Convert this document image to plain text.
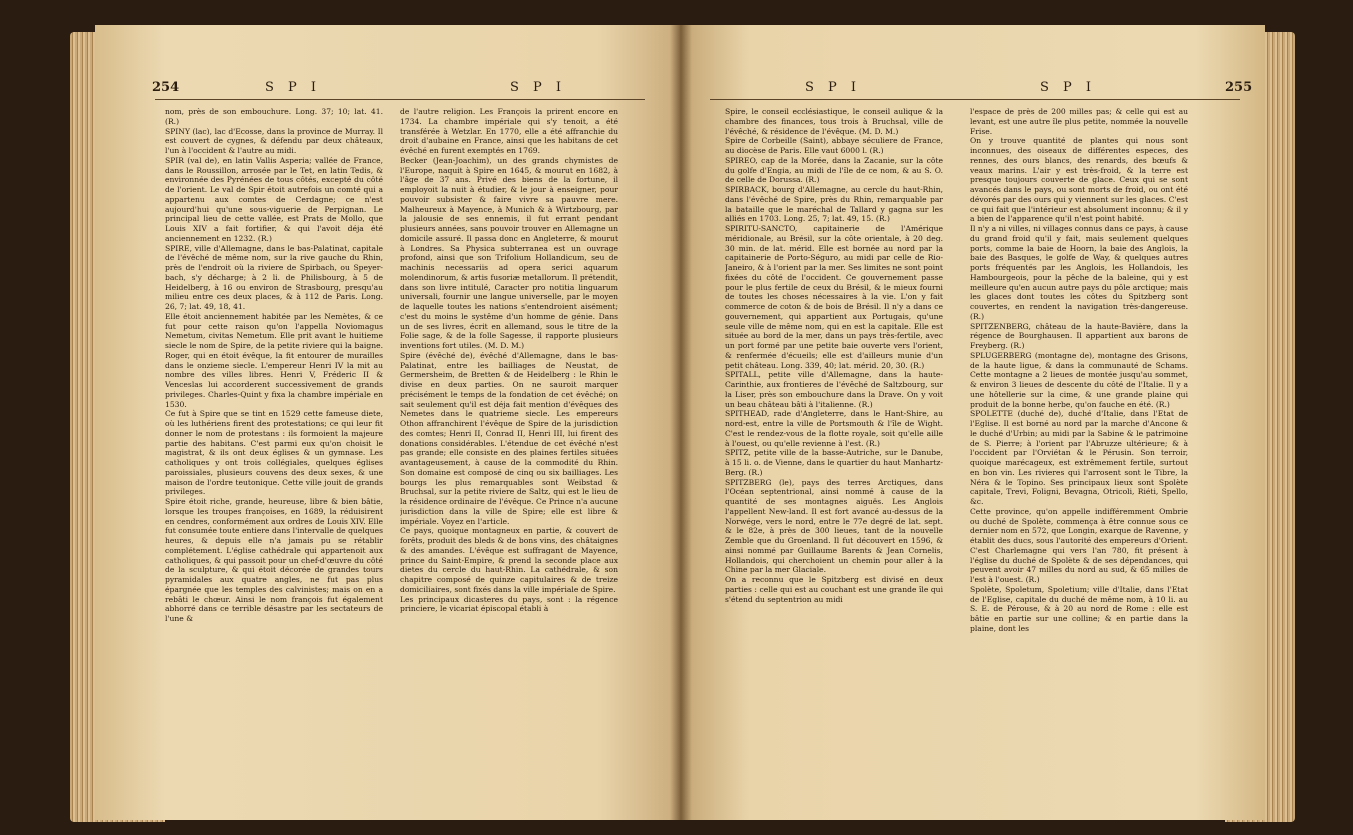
254	S P I	S P I

nom, près de son embouchure. Long. 37; 10; lat. 41. (R.)

SPINY (lac), lac d'Ecosse, dans la province de Murray. Il est couvert de cygnes, & défendu par deux châteaux, l'un à l'occident & l'autre au midi.

SPIR (val de), en latin Vallis Asperia; vallée de France, dans le Roussillon, arrosée par le Tet, en latin Tedis, & environnée des Pyrénées de tous côtés, excepté du côté de l'orient. Le val de Spir étoit autrefois un comté qui a appartenu aux comtes de Cerdagne; ce n'est aujourd'hui qu'une sous-viguerie de Perpignan. Le principal lieu de cette vallée, est Prats de Mollo, que Louis XIV a fait fortifier, & qui l'avoit déja été anciennement en 1232. (R.)

SPIRE, ville d'Allemagne, dans le bas-Palatinat, capitale de l'évêché de même nom, sur la rive gauche du Rhin, près de l'endroit où la riviere de Spirbach, ou Speyer-bach, s'y décharge; à 2 li. de Philisbourg, à 5 de Heidelberg, à 16 ou environ de Strasbourg, presqu'au milieu entre ces deux places, & à 112 de Paris. Long. 26, 7; lat. 49, 18, 41.

Elle étoit anciennement habitée par les Nemètes, & ce fut pour cette raison qu'on l'appella Noviomagus Nemetum, civitas Nemetum. Elle prit avant le huitieme siecle le nom de Spire, de la petite riviere qui la baigne. Roger, qui en étoit évêque, la fit entourer de murailles dans le onzieme siecle. L'empereur Henri IV la mit au nombre des villes libres. Henri V, Fréderic II & Venceslas lui accorderent successivement de grands privileges. Charles-Quint y fixa la chambre impériale en 1530.

Ce fut à Spire que se tint en 1529 cette fameuse diete, où les luthériens firent des protestations; ce qui leur fit donner le nom de protestans : ils formoient la majeure partie des habitans. C'est parmi eux qu'on choisit le magistrat, & ils ont deux églises & un gymnase. Les catholiques y ont trois collégiales, quelques églises paroissiales, plusieurs couvens des deux sexes, & une maison de l'ordre teutonique. Cette ville jouit de grands privileges.

Spire étoit riche, grande, heureuse, libre & bien bâtie, lorsque les troupes françoises, en 1689, la réduisirent en cendres, conformément aux ordres de Louis XIV. Elle fut consumée toute entiere dans l'intervalle de quelques heures, & depuis elle n'a jamais pu se rétablir complétement. L'église cathédrale qui appartenoit aux catholiques, & qui passoit pour un chef-d'œuvre du côté de la sculpture, & qui étoit décorée de grandes tours pyramidales aux quatre angles, ne fut pas plus épargnée que les temples des calvinistes; mais on en a rebâti le chœur. Ainsi le nom françois fut également abhorré dans ce terrible désastre par les sectateurs de l'une &

de l'autre religion. Les François la prirent encore en 1734. La chambre impériale qui s'y tenoit, a été transférée à Wetzlar. En 1770, elle a été affranchie du droit d'aubaine en France, ainsi que les habitans de cet évêché en furent exemptés en 1769.

Becker (Jean-Joachim), un des grands chymistes de l'Europe, naquit à Spire en 1645, & mourut en 1682, à l'âge de 37 ans. Privé des biens de la fortune, il employoit la nuit à étudier, & le jour à enseigner, pour pouvoir subsister & faire vivre sa pauvre mere. Malheureux à Mayence, à Munich & à Wirtzbourg, par la jalousie de ses ennemis, il fut errant pendant plusieurs années, sans pouvoir trouver en Allemagne un domicile assuré. Il passa donc en Angleterre, & mourut à Londres. Sa Physica subterranea est un ouvrage profond, ainsi que son Trifolium Hollandicum, seu de machinis necessariis ad opera serici aquarum molendinorum, & artis fusoriæ metallorum. Il prétendit, dans son livre intitulé, Caracter pro notitia linguarum universali, fournir une langue universelle, par le moyen de laquelle toutes les nations s'entendroient aisément; c'est du moins le systême d'un homme de génie. Dans un de ses livres, écrit en allemand, sous le titre de la Folie sage, & de la folle Sagesse, il rapporte plusieurs inventions fort utiles. (M. D. M.)

Spire (évêché de), évêché d'Allemagne, dans le bas-Palatinat, entre les bailliages de Neustat, de Germersheim, de Bretten & de Heidelberg : le Rhin le divise en deux parties. On ne sauroit marquer précisément le temps de la fondation de cet évêché; on sait seulement qu'il est déja fait mention d'évêques des Nemetes dans le quatrieme siecle. Les empereurs Othon affranchirent l'évêque de Spire de la jurisdiction des comtes; Henri II, Conrad II, Henri III, lui firent des donations considérables. L'étendue de cet évêché n'est pas grande; elle consiste en des plaines fertiles situées avantageusement, à cause de la commodité du Rhin. Son domaine est composé de cinq ou six bailliages. Les bourgs les plus remarquables sont Weibstad & Bruchsal, sur la petite riviere de Saltz, qui est le lieu de la résidence ordinaire de l'évêque. Ce Prince n'a aucune jurisdiction dans la ville de Spire; elle est libre & impériale. Voyez en l'article.

Ce pays, quoique montagneux en partie, & couvert de forêts, produit des bleds & de bons vins, des châtaignes & des amandes. L'évêque est suffragant de Mayence, prince du Saint-Empire, & prend la seconde place aux dietes du cercle du haut-Rhin. La cathédrale, & son chapitre composé de quinze capitulaires & de treize domiciliaires, sont fixés dans la ville impériale de Spire.

Les principaux dicasteres du pays, sont : la régence princiere, le vicariat épiscopal établi à

S P I	S P I	255

Spire, le conseil ecclésiastique, le conseil aulique & la chambre des finances, tous trois à Bruchsal, ville de l'évêché, & résidence de l'évêque. (M. D. M.)

Spire de Corbeille (Saint), abbaye séculiere de France, au diocèse de Paris. Elle vaut 6000 l. (R.)

SPIREO, cap de la Morée, dans la Zacanie, sur la côte du golfe d'Engia, au midi de l'île de ce nom, & au S. O. de celle de Dorussa. (R.)

SPIRBACK, bourg d'Allemagne, au cercle du haut-Rhin, dans l'évêché de Spire, près du Rhin, remarquable par la bataille que le maréchal de Tallard y gagna sur les alliés en 1703. Long. 25, 7; lat. 49, 15. (R.)

SPIRITU-SANCTO, capitainerie de l'Amérique méridionale, au Brésil, sur la côte orientale, à 20 deg. 30 min. de lat. mérid. Elle est bornée au nord par la capitainerie de Porto-Séguro, au midi par celle de Rio-Janeiro, & à l'orient par la mer. Ses limites ne sont point fixées du côté de l'occident. Ce gouvernement passe pour le plus fertile de ceux du Brésil, & le mieux fourni de toutes les choses nécessaires à la vie. L'on y fait commerce de coton & de bois de Brésil. Il n'y a dans ce gouvernement, qui appartient aux Portugais, qu'une seule ville de même nom, qui en est la capitale. Elle est située au bord de la mer, dans un pays très-fertile, avec un port formé par une petite baie ouverte vers l'orient, & renfermée d'écueils; elle est d'ailleurs munie d'un petit château. Long. 339, 40; lat. mérid. 20, 30. (R.)

SPITALL, petite ville d'Allemagne, dans la haute-Carinthie, aux frontieres de l'évêché de Saltzbourg, sur la Liser, près son embouchure dans la Drave. On y voit un beau château bâti à l'italienne. (R.)

SPITHEAD, rade d'Angleterre, dans le Hant-Shire, au nord-est, entre la ville de Portsmouth & l'île de Wight. C'est le rendez-vous de la flotte royale, soit qu'elle aille à l'ouest, ou qu'elle revienne à l'est. (R.)

SPITZ, petite ville de la basse-Autriche, sur le Danube, à 15 li. o. de Vienne, dans le quartier du haut Manhartz-Berg. (R.)

SPITZBERG (le), pays des terres Arctiques, dans l'Océan septentrional, ainsi nommé à cause de la quantité de ses montagnes aiguës. Les Anglois l'appellent New-land. Il est fort avancé au-dessus de la Norwége, vers le nord, entre le 77e degré de lat. sept. & le 82e, à près de 300 lieues, tant de la nouvelle Zemble que du Groenland. Il fut découvert en 1596, & ainsi nommé par Guillaume Barents & Jean Cornelis, Hollandois, qui cherchoient un chemin pour aller à la Chine par la mer Glaciale.

On a reconnu que le Spitzberg est divisé en deux parties : celle qui est au couchant est une grande île qui s'étend du septentrion au midi

l'espace de près de 200 milles pas; & celle qui est au levant, est une autre île plus petite, nommée la nouvelle Frise.

On y trouve quantité de plantes qui nous sont inconnues, des oiseaux de différentes especes, des rennes, des ours blancs, des renards, des bœufs & veaux marins. L'air y est très-froid, & la terre est presque toujours couverte de glace. Ceux qui se sont avancés dans le pays, ou sont morts de froid, ou ont été dévorés par des ours qui y viennent sur les glaces. C'est ce qui fait que l'intérieur est absolument inconnu; & il y a bien de l'apparence qu'il n'est point habité.

Il n'y a ni villes, ni villages connus dans ce pays, à cause du grand froid qu'il y fait, mais seulement quelques ports, comme la baie de Hoorn, la baie des Anglois, la baie des Basques, le golfe de Way, & quelques autres ports fréquentés par les Anglois, les Hollandois, les Hambourgeois, pour la pêche de la baleine, qui y est meilleure qu'en aucun autre pays du pôle arctique; mais les glaces dont toutes les côtes du Spitzberg sont couvertes, en rendent la navigation très-dangereuse. (R.)

SPITZENBERG, château de la haute-Bavière, dans la régence de Bourghausen. Il appartient aux barons de Freyberg. (R.)

SPLUGERBERG (montagne de), montagne des Grisons, de la haute ligue, & dans la communauté de Schams. Cette montagne a 2 lieues de montée jusqu'au sommet, & environ 3 lieues de descente du côté de l'Italie. Il y a une hôtellerie sur la cime, & une grande plaine qui produit de la bonne herbe, qu'on fauche en été. (R.)

SPOLETTE (duché de), duché d'Italie, dans l'Etat de l'Eglise. Il est borné au nord par la marche d'Ancone & le duché d'Urbin; au midi par la Sabine & le patrimoine de S. Pierre; à l'orient par l'Abruzze ultérieure; & à l'occident par l'Orviétan & le Pérusin. Son terroir, quoique marécageux, est extrêmement fertile, surtout en bon vin. Les rivieres qui l'arrosent sont le Tibre, la Néra & le Topino. Ses principaux lieux sont Spolète capitale, Trevi, Foligni, Bevagna, Otricoli, Riéti, Spello, &c.

Cette province, qu'on appelle indifféremment Ombrie ou duché de Spolète, commença à être connue sous ce dernier nom en 572, que Longin, exarque de Ravenne, y établit des ducs, sous l'autorité des empereurs d'Orient. C'est Charlemagne qui vers l'an 780, fit présent à l'église du duché de Spolète & de ses dépendances, qui peuvent avoir 47 milles du nord au sud, & 65 milles de l'est à l'ouest. (R.)

Spolète, Spoletum, Spoletium; ville d'Italie, dans l'Etat de l'Eglise, capitale du duché de même nom, à 10 li. au S. E. de Pérouse, & à 20 au nord de Rome : elle est bâtie en partie sur une colline; & en partie dans la plaine, dont les
